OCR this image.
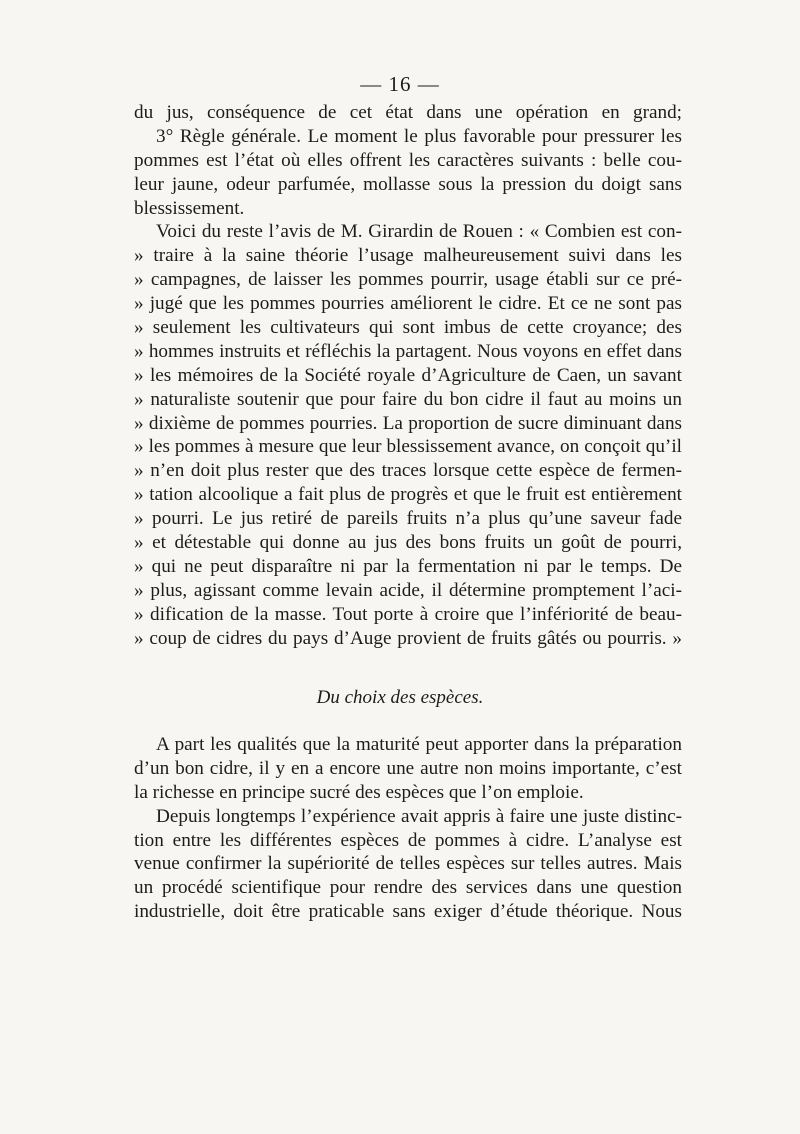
— 16 —
du jus, conséquence de cet état dans une opération en grand;
3° Règle générale. Le moment le plus favorable pour pressurer les
pommes est l’état où elles offrent les caractères suivants : belle cou-
leur jaune, odeur parfumée, mollasse sous la pression du doigt sans
blessissement.
Voici du reste l’avis de M. Girardin de Rouen : « Combien est con-
» traire à la saine théorie l’usage malheureusement suivi dans les
» campagnes, de laisser les pommes pourrir, usage établi sur ce pré-
» jugé que les pommes pourries améliorent le cidre. Et ce ne sont pas
» seulement les cultivateurs qui sont imbus de cette croyance; des
» hommes instruits et réfléchis la partagent. Nous voyons en effet dans
» les mémoires de la Société royale d’Agriculture de Caen, un savant
» naturaliste soutenir que pour faire du bon cidre il faut au moins un
» dixième de pommes pourries. La proportion de sucre diminuant dans
» les pommes à mesure que leur blessissement avance, on conçoit qu’il
» n’en doit plus rester que des traces lorsque cette espèce de fermen-
» tation alcoolique a fait plus de progrès et que le fruit est entièrement
» pourri. Le jus retiré de pareils fruits n’a plus qu’une saveur fade
» et détestable qui donne au jus des bons fruits un goût de pourri,
» qui ne peut disparaître ni par la fermentation ni par le temps. De
» plus, agissant comme levain acide, il détermine promptement l’aci-
» dification de la masse. Tout porte à croire que l’infériorité de beau-
» coup de cidres du pays d’Auge provient de fruits gâtés ou pourris. »
Du choix des espèces.
A part les qualités que la maturité peut apporter dans la préparation
d’un bon cidre, il y en a encore une autre non moins importante, c’est
la richesse en principe sucré des espèces que l’on emploie.
Depuis longtemps l’expérience avait appris à faire une juste distinc-
tion entre les différentes espèces de pommes à cidre. L’analyse est
venue confirmer la supériorité de telles espèces sur telles autres. Mais
un procédé scientifique pour rendre des services dans une question
industrielle, doit être praticable sans exiger d’étude théorique. Nous
